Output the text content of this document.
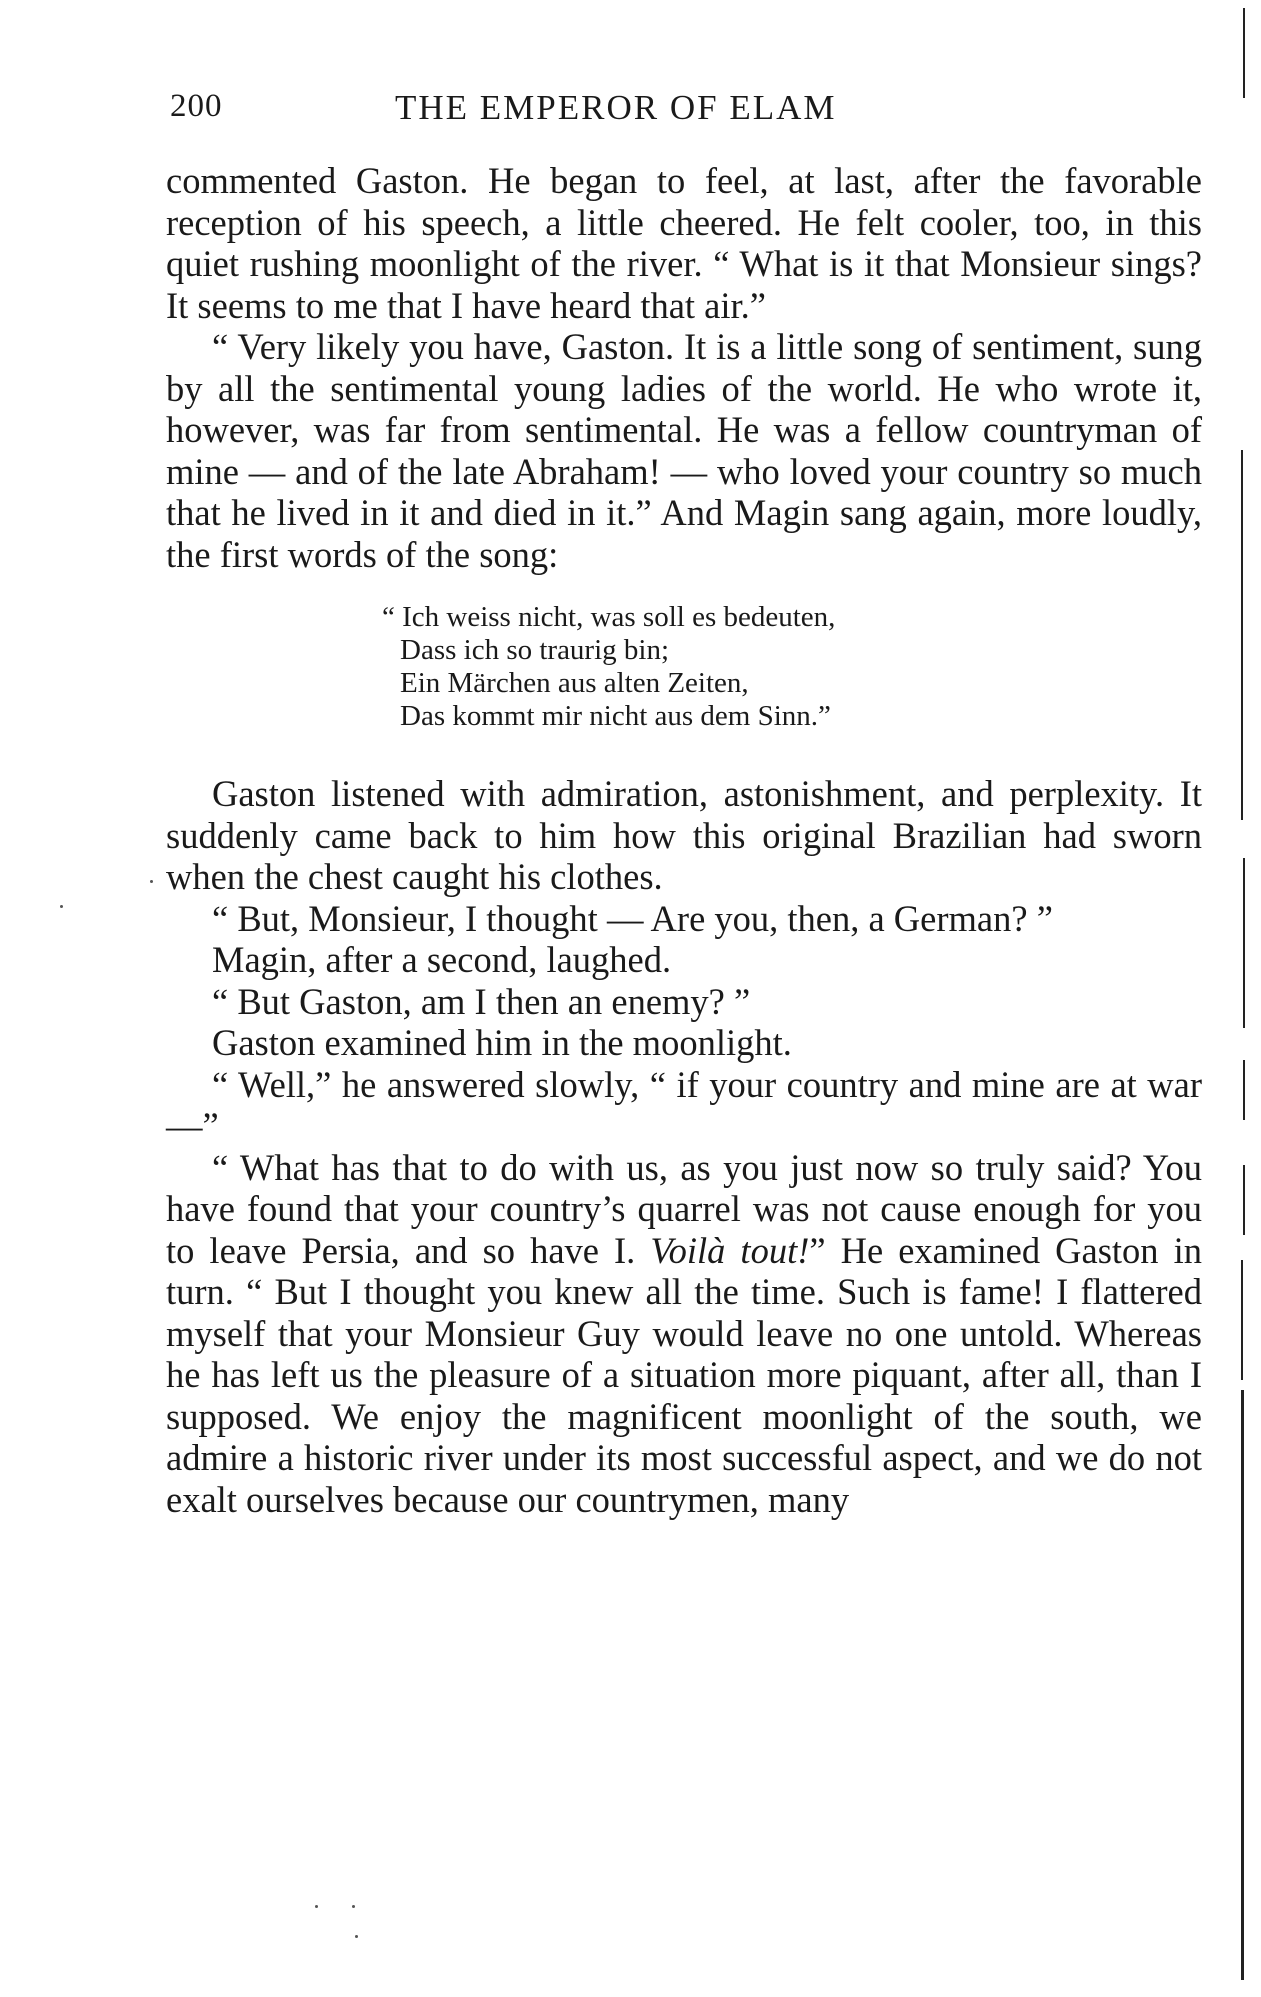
200	THE EMPEROR OF ELAM

commented Gaston. He began to feel, at last, after the favorable reception of his speech, a little cheered. He felt cooler, too, in this quiet rushing moonlight of the river. “ What is it that Monsieur sings? It seems to me that I have heard that air.”

“ Very likely you have, Gaston. It is a little song of sentiment, sung by all the sentimental young ladies of the world. He who wrote it, however, was far from sentimental. He was a fellow countryman of mine — and of the late Abraham! — who loved your country so much that he lived in it and died in it.” And Magin sang again, more loudly, the first words of the song:

“ Ich weiss nicht, was soll es bedeuten,
Dass ich so traurig bin;
Ein Märchen aus alten Zeiten,
Das kommt mir nicht aus dem Sinn.”

Gaston listened with admiration, astonishment, and perplexity. It suddenly came back to him how this original Brazilian had sworn when the chest caught his clothes.

“ But, Monsieur, I thought — Are you, then, a German? ”

Magin, after a second, laughed.

“ But Gaston, am I then an enemy? ”

Gaston examined him in the moonlight.

“ Well,” he answered slowly, “ if your country and mine are at war —”

“ What has that to do with us, as you just now so truly said? You have found that your country’s quarrel was not cause enough for you to leave Persia, and so have I. Voilà tout!” He examined Gaston in turn. “ But I thought you knew all the time. Such is fame! I flattered myself that your Monsieur Guy would leave no one untold. Whereas he has left us the pleasure of a situation more piquant, after all, than I supposed. We enjoy the magnificent moonlight of the south, we admire a historic river under its most successful aspect, and we do not exalt ourselves because our countrymen, many
